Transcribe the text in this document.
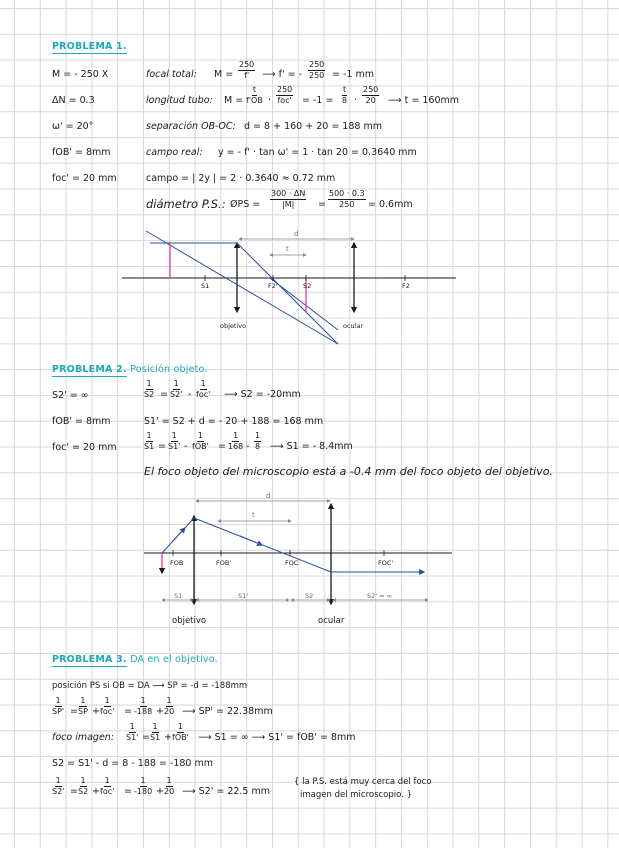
PROBLEMA 1.
M = - 250 X
ΔN = 0.3
ω' = 20°
fOB' = 8mm
foc' = 20 mm
focal total: $M = \frac{250}{f'}$ ⟶ f' = - $\frac{250}{250} = -1$ mm
longitud tubo: $M = \frac{t}{f'OB}$ ·
250
$foc' = -1 = \frac{t}{8} \cdot \frac{250}{20}$ ⟶ t = 160mm
separación OB-OC: d = 8 + 160 + 20 = 188 mm
campo real: y = - f' · tan ω' = 1 · tan 20 = 0.3640 mm
campo = | 2y | = 2 · 0.3640 ≈ 0.72 mm
diámetro P.S.: ØPS = $\frac{300 \cdot \Delta N}{|M|} = \frac{500 \cdot 0.3}{250} = 0.6mm$
d
t
S1	F2'	S2	F2
objetivo	ocular
PROBLEMA 2. Posición objeto.
S2' = ∞
fOB' = 8mm
foc' = 20 mm
$\frac{1}{S2} = \frac{1}{S2'}$ -
1
foc' ⟶ S2 = -20mm
S1' = S2 + d = - 20 + 188 = 168 mm
$\frac{1}{S1} = \frac{1}{S1'}$ -
1
$fOB' = \frac{1}{168} - \frac{1}{8}$ ⟶ S1 = - 8.4mm
El foco objeto del microscopio está a -0.4 mm del foco objeto del objetivo.
d
t
FOB	FOB'	FOC	FOC'
S1	S1'	S2	S2' = ∞
objetivo	ocular
PROBLEMA 3. DA en el objetivo.
posición PS si OB = DA ⟶ SP = -d = -188mm
$\frac{1}{SP'} = \frac{1}{SP}$ +
1
$foc' = \frac{1}{-188} + \frac{1}{20}$ ⟶ SP' = 22.38mm
foco imagen: $\frac{1}{S1'} = \frac{1}{S1}$ +
1
fOB' ⟶ S1 = ∞ ⟶ S1' = fOB' = 8mm
S2 = S1' - d = 8 - 188 = -180 mm
$\frac{1}{S2'} = \frac{1}{S2}$ +
1
$foc' = \frac{1}{-180} + \frac{1}{20}$ ⟶ S2' = 22.5 mm
{ la P.S. está muy cerca del foco
imagen del microscopio. }
